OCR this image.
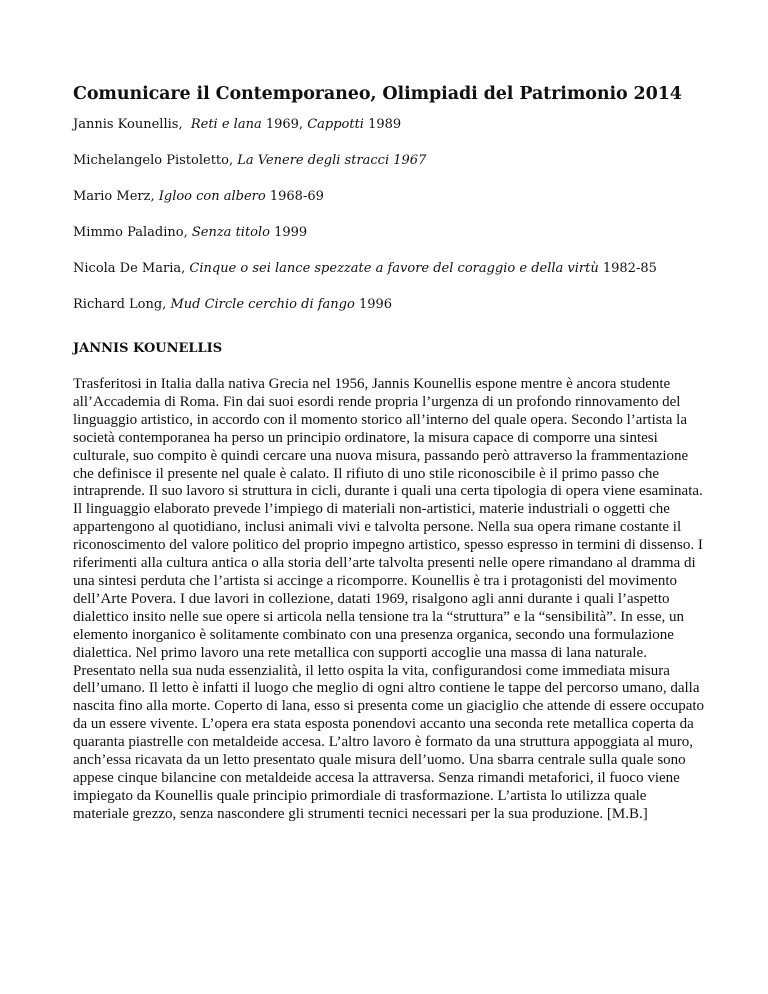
Comunicare il Contemporaneo, Olimpiadi del Patrimonio 2014

Jannis Kounellis, Reti e lana 1969, Cappotti 1989

Michelangelo Pistoletto, La Venere degli stracci 1967

Mario Merz, Igloo con albero 1968-69

Mimmo Paladino, Senza titolo 1999

Nicola De Maria, Cinque o sei lance spezzate a favore del coraggio e della virtù 1982-85

Richard Long, Mud Circle cerchio di fango 1996

JANNIS KOUNELLIS

Trasferitosi in Italia dalla nativa Grecia nel 1956, Jannis Kounellis espone mentre è ancora studente all’Accademia di Roma. Fin dai suoi esordi rende propria l’urgenza di un profondo rinnovamento del linguaggio artistico, in accordo con il momento storico all’interno del quale opera. Secondo l’artista la società contemporanea ha perso un principio ordinatore, la misura capace di comporre una sintesi culturale, suo compito è quindi cercare una nuova misura, passando però attraverso la frammentazione che definisce il presente nel quale è calato. Il rifiuto di uno stile riconoscibile è il primo passo che intraprende. Il suo lavoro si struttura in cicli, durante i quali una certa tipologia di opera viene esaminata. Il linguaggio elaborato prevede l’impiego di materiali non-artistici, materie industriali o oggetti che appartengono al quotidiano, inclusi animali vivi e talvolta persone. Nella sua opera rimane costante il riconoscimento del valore politico del proprio impegno artistico, spesso espresso in termini di dissenso. I riferimenti alla cultura antica o alla storia dell’arte talvolta presenti nelle opere rimandano al dramma di una sintesi perduta che l’artista si accinge a ricomporre. Kounellis è tra i protagonisti del movimento dell’Arte Povera. I due lavori in collezione, datati 1969, risalgono agli anni durante i quali l’aspetto dialettico insito nelle sue opere si articola nella tensione tra la “struttura” e la “sensibilità”. In esse, un elemento inorganico è solitamente combinato con una presenza organica, secondo una formulazione dialettica. Nel primo lavoro una rete metallica con supporti accoglie una massa di lana naturale. Presentato nella sua nuda essenzialità, il letto ospita la vita, configurandosi come immediata misura dell’umano. Il letto è infatti il luogo che meglio di ogni altro contiene le tappe del percorso umano, dalla nascita fino alla morte. Coperto di lana, esso si presenta come un giaciglio che attende di essere occupato da un essere vivente. L’opera era stata esposta ponendovi accanto una seconda rete metallica coperta da quaranta piastrelle con metaldeide accesa. L’altro lavoro è formato da una struttura appoggiata al muro, anch’essa ricavata da un letto presentato quale misura dell’uomo. Una sbarra centrale sulla quale sono appese cinque bilancine con metaldeide accesa la attraversa. Senza rimandi metaforici, il fuoco viene impiegato da Kounellis quale principio primordiale di trasformazione. L’artista lo utilizza quale materiale grezzo, senza nascondere gli strumenti tecnici necessari per la sua produzione. [M.B.]
